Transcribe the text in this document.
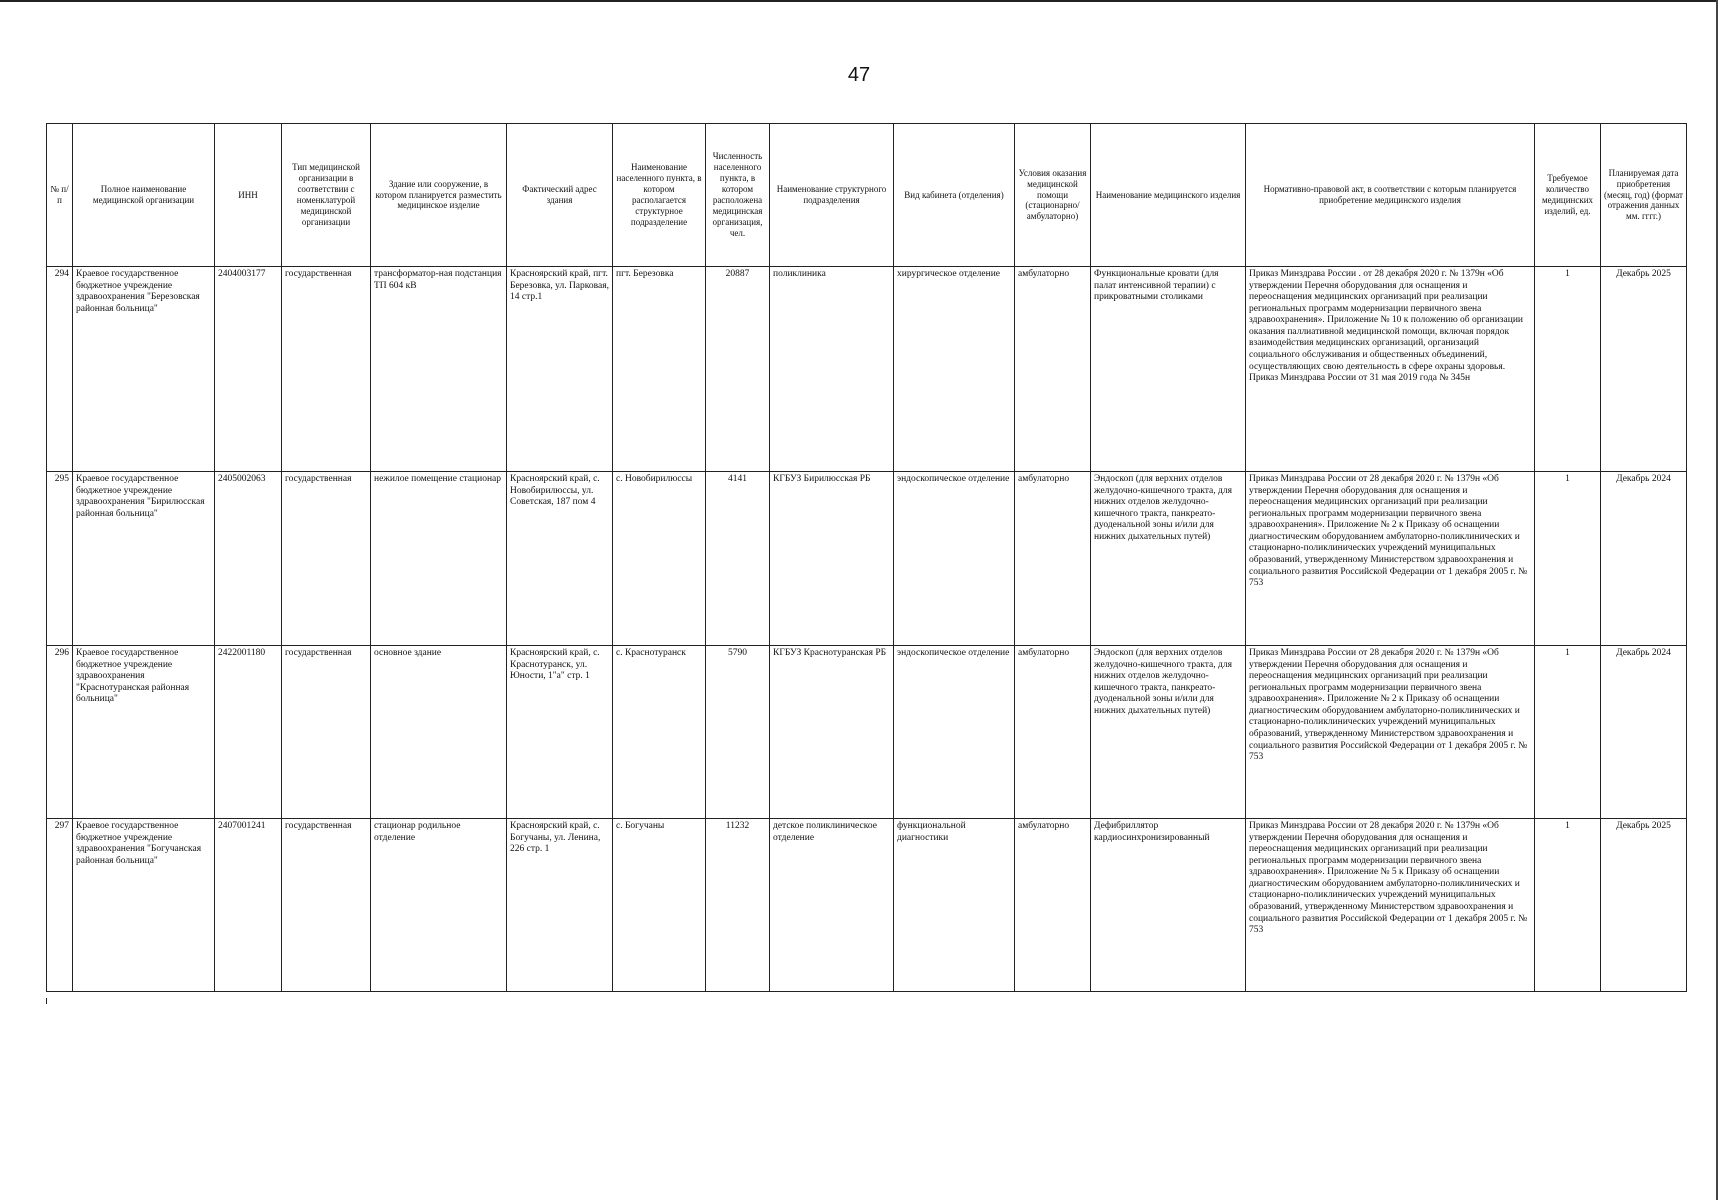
47
№ п/п	Полное наименование медицинской организации	ИНН	Тип медицинской организации в соответствии с номенклатурой медицинской организации	Здание или сооружение, в котором планируется разместить медицинское изделие	Фактический адрес здания	Наименование населенного пункта, в котором располагается структурное подразделение	Численность населенного пункта, в котором расположена медицинская организация, чел.	Наименование структурного подразделения	Вид кабинета (отделения)	Условия оказания медицинской помощи (стационарно/ амбулаторно)	Наименование медицинского изделия	Нормативно-правовой акт, в соответствии с которым планируется приобретение медицинского изделия	Требуемое количество медицинских изделий, ед.	Планируемая дата приобретения (месяц, год) (формат отражения данных мм. гггг.)
294	Краевое государственное бюджетное учреждение здравоохранения "Березовская районная больница"	2404003177	государственная	трансформатор-ная подстанция ТП 604 кВ	Красноярский край, пгт. Березовка, ул. Парковая, 14 стр.1	пгт. Березовка	20887	поликлиника	хирургическое отделение	амбулаторно	Функциональные кровати (для палат интенсивной терапии) с прикроватными столиками	Приказ Минздрава России . от 28 декабря 2020 г. № 1379н «Об утверждении Перечня оборудования для оснащения и переоснащения медицинских организаций при реализации региональных программ модернизации первичного звена здравоохранения». Приложение № 10 к положению об организации оказания паллиативной медицинской помощи, включая порядок взаимодействия медицинских организаций, организаций социального обслуживания и общественных объединений, осуществляющих свою деятельность в сфере охраны здоровья. Приказ Минздрава России от 31 мая 2019 года № 345н	1	Декабрь 2025
295	Краевое государственное бюджетное учреждение здравоохранения "Бирилюсская районная больница"	2405002063	государственная	нежилое помещение стационар	Красноярский край, с. Новобирилюссы, ул. Советская, 187 пом 4	с. Новобирилюссы	4141	КГБУЗ Бирилюсская РБ	эндоскопическое отделение	амбулаторно	Эндоскоп (для верхних отделов желудочно-кишечного тракта, для нижних отделов желудочно-кишечного тракта, панкреато-дуоденальной зоны и/или для нижних дыхательных путей)	Приказ Минздрава России от 28 декабря 2020 г. № 1379н «Об утверждении Перечня оборудования для оснащения и переоснащения медицинских организаций при реализации региональных программ модернизации первичного звена здравоохранения». Приложение № 2 к Приказу об оснащении диагностическим оборудованием амбулаторно-поликлинических и стационарно-поликлинических учреждений муниципальных образований, утвержденному Министерством здравоохранения и социального развития Российской Федерации от 1 декабря 2005 г. № 753	1	Декабрь 2024
296	Краевое государственное бюджетное учреждение здравоохранения "Краснотуранская районная больница"	2422001180	государственная	основное здание	Красноярский край, с. Краснотуранск, ул. Юности, 1"а" стр. 1	с. Краснотуранск	5790	КГБУЗ Краснотуранская РБ	эндоскопическое отделение	амбулаторно	Эндоскоп (для верхних отделов желудочно-кишечного тракта, для нижних отделов желудочно-кишечного тракта, панкреато-дуоденальной зоны и/или для нижних дыхательных путей)	Приказ Минздрава России от 28 декабря 2020 г. № 1379н «Об утверждении Перечня оборудования для оснащения и переоснащения медицинских организаций при реализации региональных программ модернизации первичного звена здравоохранения». Приложение № 2 к Приказу об оснащении диагностическим оборудованием амбулаторно-поликлинических и стационарно-поликлинических учреждений муниципальных образований, утвержденному Министерством здравоохранения и социального развития Российской Федерации от 1 декабря 2005 г. № 753	1	Декабрь 2024
297	Краевое государственное бюджетное учреждение здравоохранения "Богучанская районная больница"	2407001241	государственная	стационар родильное отделение	Красноярский край, с. Богучаны, ул. Ленина, 226 стр. 1	с. Богучаны	11232	детское поликлиническое отделение	функциональной диагностики	амбулаторно	Дефибриллятор кардиосинхронизированный	Приказ Минздрава России от 28 декабря 2020 г. № 1379н «Об утверждении Перечня оборудования для оснащения и переоснащения медицинских организаций при реализации региональных программ модернизации первичного звена здравоохранения». Приложение № 5 к Приказу об оснащении диагностическим оборудованием амбулаторно-поликлинических и стационарно-поликлинических учреждений муниципальных образований, утвержденному Министерством здравоохранения и социального развития Российской Федерации от 1 декабря 2005 г. № 753	1	Декабрь 2025
